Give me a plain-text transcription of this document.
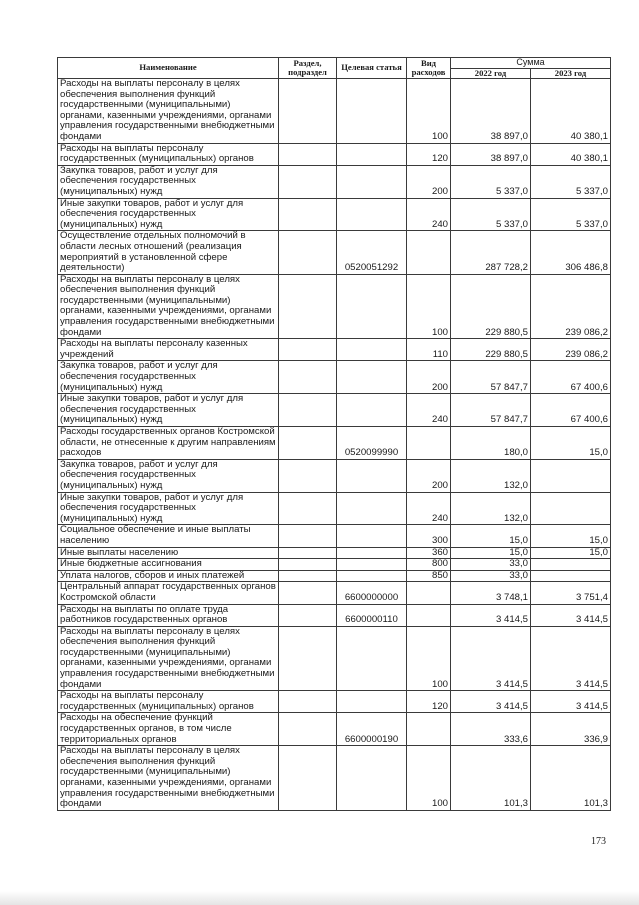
Наименование	Раздел, подраздел	Целевая статья	Вид расходов	Сумма	
				2022 год	2023 год
Расходы на выплаты персоналу в целях обеспечения выполнения функций государственными (муниципальными) органами, казенными учреждениями, органами управления государственными внебюджетными фондами			100	38 897,0	40 380,1
Расходы на выплаты персоналу государственных (муниципальных) органов			120	38 897,0	40 380,1
Закупка товаров, работ и услуг для обеспечения государственных (муниципальных) нужд			200	5 337,0	5 337,0
Иные закупки товаров, работ и услуг для обеспечения государственных (муниципальных) нужд			240	5 337,0	5 337,0
Осуществление отдельных полномочий в области лесных отношений (реализация мероприятий в установленной сфере деятельности)		0520051292		287 728,2	306 486,8
Расходы на выплаты персоналу в целях обеспечения выполнения функций государственными (муниципальными) органами, казенными учреждениями, органами управления государственными внебюджетными фондами			100	229 880,5	239 086,2
Расходы на выплаты персоналу казенных учреждений			110	229 880,5	239 086,2
Закупка товаров, работ и услуг для обеспечения государственных (муниципальных) нужд			200	57 847,7	67 400,6
Иные закупки товаров, работ и услуг для обеспечения государственных (муниципальных) нужд			240	57 847,7	67 400,6
Расходы государственных органов Костромской области, не отнесенные к другим направлениям расходов		0520099990		180,0	15,0
Закупка товаров, работ и услуг для обеспечения государственных (муниципальных) нужд			200	132,0	
Иные закупки товаров, работ и услуг для обеспечения государственных (муниципальных) нужд			240	132,0	
Социальное обеспечение и иные выплаты населению			300	15,0	15,0
Иные выплаты населению			360	15,0	15,0
Иные бюджетные ассигнования			800	33,0	
Уплата налогов, сборов и иных платежей			850	33,0	
Центральный аппарат государственных органов Костромской области		6600000000		3 748,1	3 751,4
Расходы на выплаты по оплате труда работников государственных органов		6600000110		3 414,5	3 414,5
Расходы на выплаты персоналу в целях обеспечения выполнения функций государственными (муниципальными) органами, казенными учреждениями, органами управления государственными внебюджетными фондами			100	3 414,5	3 414,5
Расходы на выплаты персоналу государственных (муниципальных) органов			120	3 414,5	3 414,5
Расходы на обеспечение функций государственных органов, в том числе территориальных органов		6600000190		333,6	336,9
Расходы на выплаты персоналу в целях обеспечения выполнения функций государственными (муниципальными) органами, казенными учреждениями, органами управления государственными внебюджетными фондами			100	101,3	101,3
173
